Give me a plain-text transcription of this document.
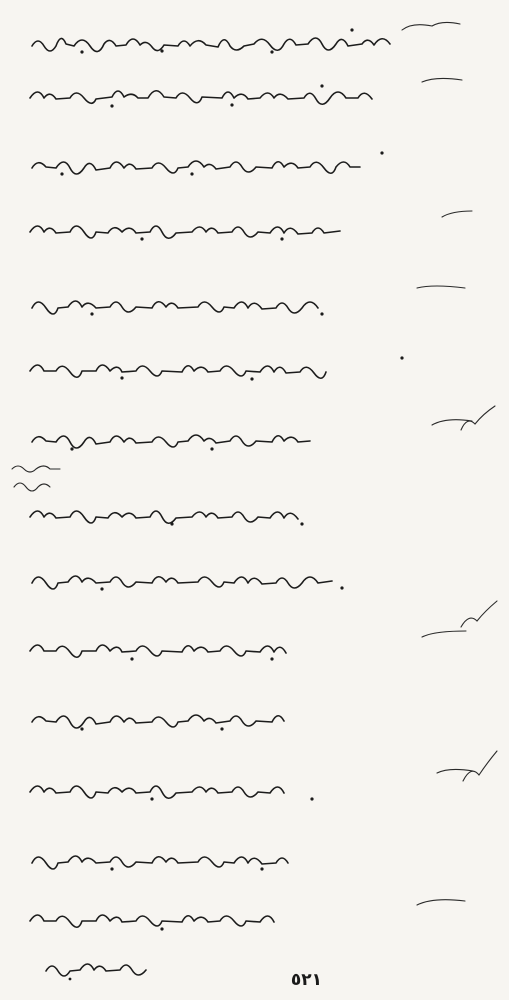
٥٢١
